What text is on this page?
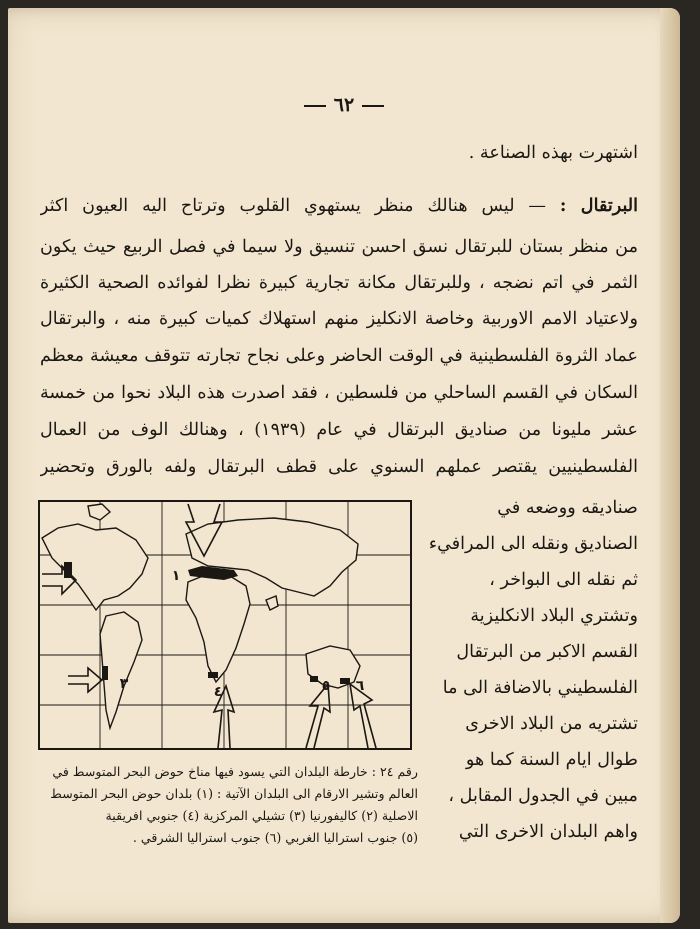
٦٢
اشتهرت بهذه الصناعة .
البرتقال : — ليس هنالك منظر يستهوي القلوب وترتاح اليه العيون اكثر
من منظر بستان للبرتقال نسق احسن تنسيق ولا سيما في فصل الربيع حيث يكون
الثمر في اتم نضجه ، وللبرتقال مكانة تجارية كبيرة نظرا لفوائده الصحية الكثيرة
ولاعتياد الامم الاوربية وخاصة الانكليز منهم استهلاك كميات كبيرة منه ، والبرتقال
عماد الثروة الفلسطينية في الوقت الحاضر وعلى نجاح تجارته تتوقف معيشة معظم
السكان في القسم الساحلي من فلسطين ، فقد اصدرت هذه البلاد نحوا من خمسة
عشر مليونا من صناديق البرتقال في عام (١٩٣٩) ، وهنالك الوف من العمال
الفلسطينيين يقتصر عملهم السنوي على قطف البرتقال ولفه بالورق وتحضير
صناديقه ووضعه في
الصناديق ونقله الى المرافيء
ثم نقله الى البواخر ،
وتشتري البلاد الانكليزية
القسم الاكبر من البرتقال
الفلسطيني بالاضافة الى ما
تشتريه من البلاد الاخرى
طوال ايام السنة كما هو
مبين في الجدول المقابل ،
واهم البلدان الاخرى التي
١
٢
٣	٤	٥ ٦
رقم ٢٤ : خارطة البلدان التي يسود فيها مناخ حوض البحر المتوسط في
العالم وتشير الارقام الى البلدان الآتية : (١) بلدان حوض البحر المتوسط
الاصلية (٢) كاليفورنيا (٣) تشيلي المركزية (٤) جنوبي افريقية
(٥) جنوب استراليا الغربي (٦) جنوب استراليا الشرقي .
